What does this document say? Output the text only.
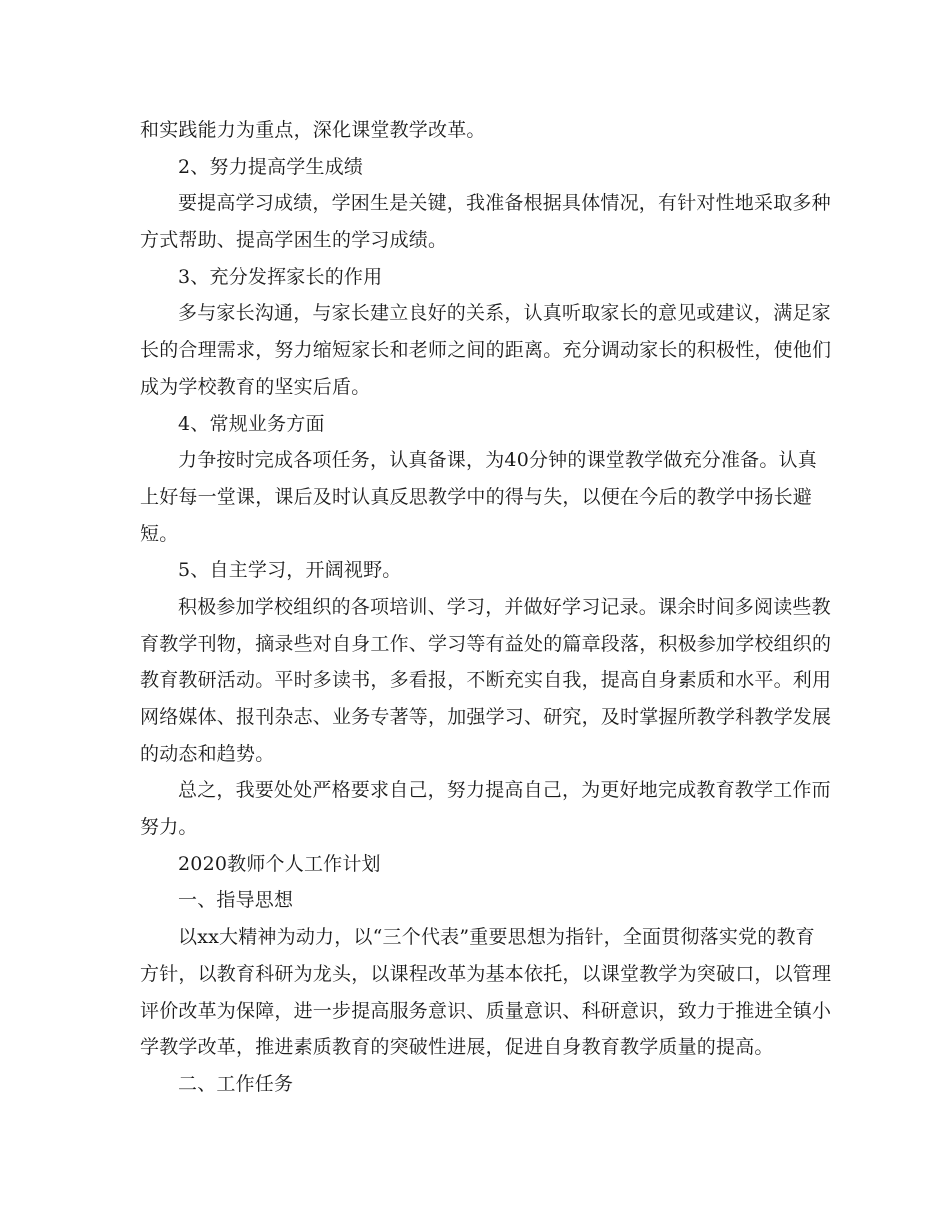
和实践能力为重点，深化课堂教学改革。
2、努力提高学生成绩
要提高学习成绩，学困生是关键，我准备根据具体情况，有针对性地采取多种
方式帮助、提高学困生的学习成绩。
3、充分发挥家长的作用
多与家长沟通，与家长建立良好的关系，认真听取家长的意见或建议，满足家
长的合理需求，努力缩短家长和老师之间的距离。充分调动家长的积极性，使他们
成为学校教育的坚实后盾。
4、常规业务方面
力争按时完成各项任务，认真备课，为40分钟的课堂教学做充分准备。认真
上好每一堂课，课后及时认真反思教学中的得与失，以便在今后的教学中扬长避
短。
5、自主学习，开阔视野。
积极参加学校组织的各项培训、学习，并做好学习记录。课余时间多阅读些教
育教学刊物，摘录些对自身工作、学习等有益处的篇章段落，积极参加学校组织的
教育教研活动。平时多读书，多看报，不断充实自我，提高自身素质和水平。利用
网络媒体、报刊杂志、业务专著等，加强学习、研究，及时掌握所教学科教学发展
的动态和趋势。
总之，我要处处严格要求自己，努力提高自己，为更好地完成教育教学工作而
努力。
2020教师个人工作计划
一、指导思想
以xx大精神为动力，以“三个代表”重要思想为指针，全面贯彻落实党的教育
方针，以教育科研为龙头，以课程改革为基本依托，以课堂教学为突破口，以管理
评价改革为保障，进一步提高服务意识、质量意识、科研意识，致力于推进全镇小
学教学改革，推进素质教育的突破性进展，促进自身教育教学质量的提高。
二、工作任务
